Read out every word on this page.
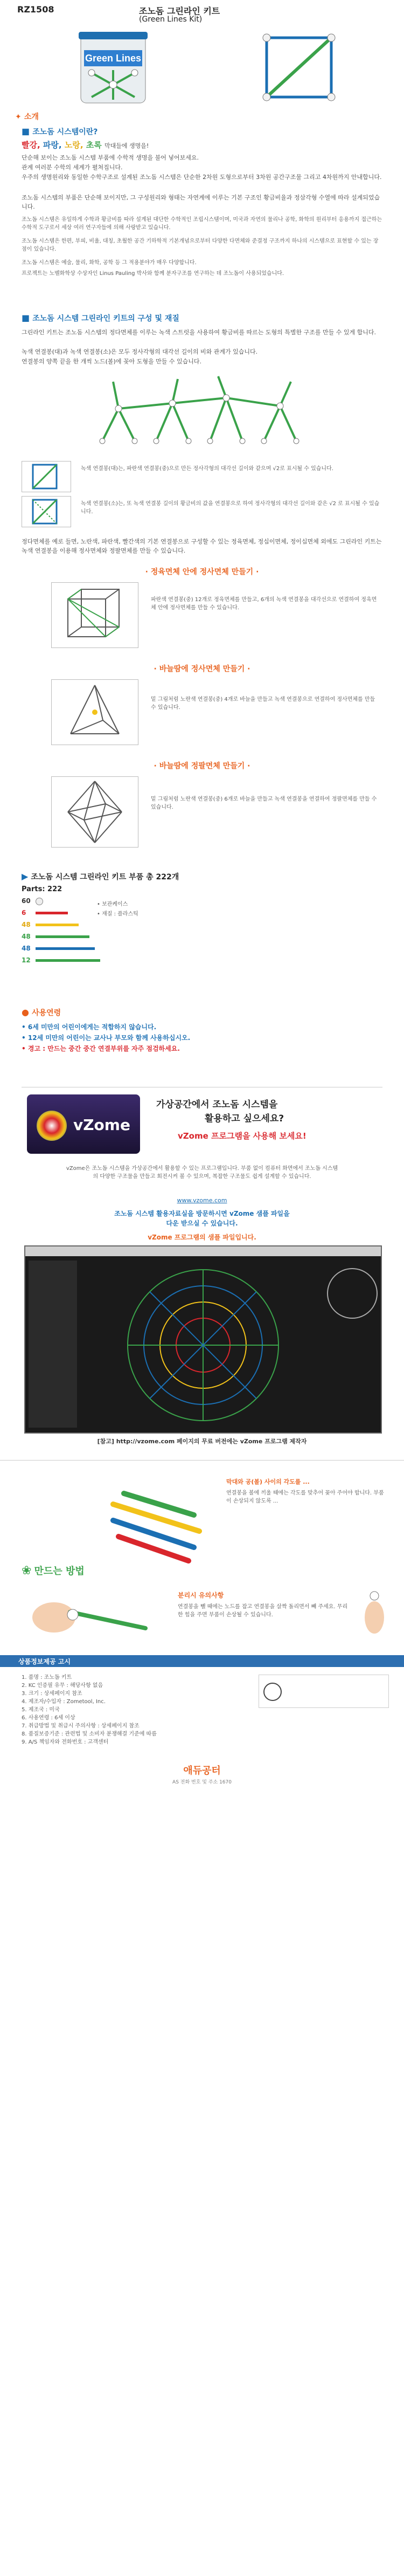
RZ1508	조노돔 그린라인 키트
(Green Lines Kit)
Green Lines
✦ 소개
■ 조노돔 시스템이란?
빨강, 파랑, 노랑, 초록 막대들에 생명을!
단순해 보이는 조노돔 시스템 부품에 수학적 생명을 불어 넣어보세요.
관계 여러분 수학의 세계가 펼쳐집니다.
우주의 생명원리와 동일한 수학구조로 설계된 조노돔 시스템은 단순한 2차원 도형으로부터 3차원 공간구조물 그리고 4차원까지 안내합니다.
조노돔 시스템의 부품은 단순해 보이지만, 그 구성원리와 형태는 자연계에 이루는 기본 구조인 황금비율과 정삼각형 수열에 따라 설계되었습니다.
조노돔 시스템은 유일하게 수학과 황금비를 따라 설계된 대단한 수학적인 조립시스템이며, 미국과 자연의 물리나 공학, 화학의 원리부터 응용까지 접근하는 수학적 도구로서 세상 여러 연구자들에 의해 사랑받고 있습니다.
조노돔 시스템은 한편, 부피, 비율, 대칭, 초월한 공간 기하학적 기본개념으로부터 다양한 다면체와 준결정 구조까지 하나의 시스템으로 표현할 수 있는 장점이 있습니다.
조노돔 시스템은 예술, 물리, 화학, 공학 등 그 적용분야가 매우 다양합니다.
프로젝트는 노벨화학상 수상자인 Linus Pauling 박사와 함께 분자구조를 연구하는 데 조노돔이 사용되었습니다.
■ 조노돔 시스템 그린라인 키트의 구성 및 재질
그린라인 키트는 조노돔 시스템의 정다면체를 이루는 녹색 스트럿을 사용하여 황금비를 따르는 도형의 특별한 구조를 만들 수 있게 합니다.
녹색 연결봉(대)과 녹색 연결봉(소)은 모두 정사각형의 대각선 길이의 비와 관계가 있습니다.
연결봉의 양쪽 끝을 한 개씩 노드(볼)에 꽂아 도형을 만들 수 있습니다.
녹색 연결봉(대)는, 파란색 연결봉(중)으로 만든 정사각형의 대각선 길이와 같으며 √2로 표시될 수 있습니다.
녹색 연결봉(소)는, 또 녹색 연결봉 길이의 황금비의 값을 연결봉으로 하여 정사각형의 대각선 길이와 같은 √2 로 표시될 수 있습니다.
정다면체를 예로 들면, 노란색, 파란색, 빨간색의 기본 연결봉으로 구성할 수 있는 정육면체, 정십이면체, 정이십면체 외에도 그린라인 키트는 녹색 연결봉을 이용해 정사면체와 정팔면체를 만들 수 있습니다.
· 정육면체 안에 정사면체 만들기 ·
파란색 연결봉(중) 12개로 정육면체를 만들고, 6개의 녹색 연결봉을 대각선으로 연결하여 정육면체 안에 정사면체를 만들 수 있습니다.
· 바늘땀에 정사면체 만들기 ·
밑 그림처럼 노란색 연결봉(중) 4개로 바늘을 만들고 녹색 연결봉으로 연결하여 정사면체를 만들 수 있습니다.
· 바늘땀에 정팔면체 만들기 ·
밑 그림처럼 노란색 연결봉(중) 6개로 바늘을 만들고 녹색 연결봉을 연결하여 정팔면체를 만들 수 있습니다.
▶ 조노돔 시스템 그린라인 키트 부품 총 222개
Parts: 222
60
6
48
48
48
12
• 보관케이스
• 재질 : 플라스틱
● 사용연령
• 6세 미만의 어린이에게는 적합하지 않습니다.
• 12세 미만의 어린이는 교사나 부모와 함께 사용하십시오.
• 경고 : 만드는 중간 중간 연결부위를 자주 점검하세요.
vZome
가상공간에서 조노돔 시스템을
활용하고 싶으세요?
vZome 프로그램을 사용해 보세요!
vZome은 조노돔 시스템을 가상공간에서 활용할 수 있는 프로그램입니다. 부품 없이 컴퓨터 화면에서 조노돔 시스템의 다양한 구조물을 만들고 회전시켜 볼 수 있으며, 복잡한 구조물도 쉽게 설계할 수 있습니다.
www.vzome.com
조노돔 시스템 활용자료실을 방문하시면 vZome 샘플 파일을
다운 받으실 수 있습니다.
vZome 프로그램의 샘플 파일입니다.
[참고] http://vzome.com 페이지의 무료 버전에는 vZome 프로그램 제작자
막대와 공(볼) 사이의 각도를 ...
연결봉을 볼에 끼울 때에는 각도를 맞추어 꽂아 주어야 합니다. 부품이 손상되지 않도록 ...
❀ 만드는 방법
분리시 유의사항
연결봉을 뺄 때에는 노드를 잡고 연결봉을 살짝 돌리면서 빼 주세요. 무리한 힘을 주면 부품이 손상될 수 있습니다.
상품정보제공 고시
1. 품명 : 조노돔 키트
2. KC 인증필 유무 : 해당사항 없음
3. 크기 : 상세페이지 참조
4. 제조자/수입자 : Zometool, Inc.
5. 제조국 : 미국
6. 사용연령 : 6세 이상
7. 취급방법 및 취급시 주의사항 : 상세페이지 참조
8. 품질보증기준 : 관련법 및 소비자 분쟁해결 기준에 따름
9. A/S 책임자와 전화번호 : 고객센터
애듀공터
AS 전화 번호 및 주소 1670
